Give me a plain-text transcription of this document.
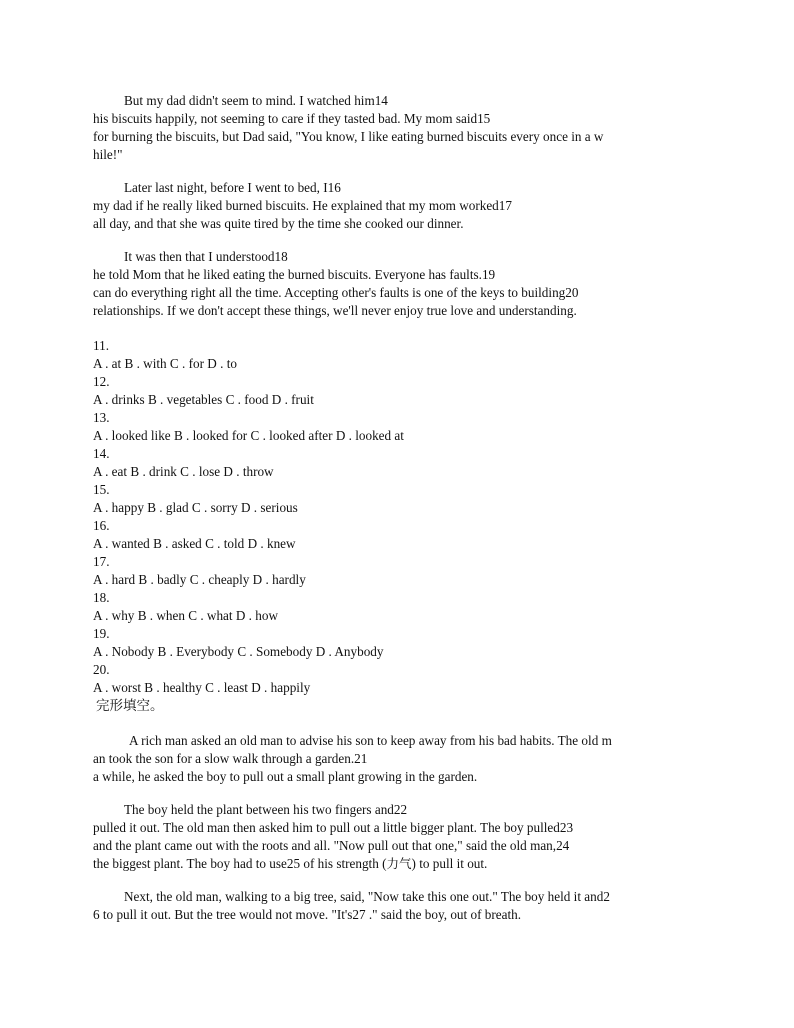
But my dad didn't seem to mind. I watched him14
his biscuits happily, not seeming to care if they tasted bad. My mom said15
for burning the biscuits, but Dad said, "You know, I like eating burned biscuits every once in a w
hile!"
Later last night, before I went to bed, I16
my dad if he really liked burned biscuits. He explained that my mom worked17
all day, and that she was quite tired by the time she cooked our dinner.
It was then that I understood18
he told Mom that he liked eating the burned biscuits. Everyone has faults.19
can do everything right all the time. Accepting other's faults is one of the keys to building20
relationships. If we don't accept these things, we'll never enjoy true love and understanding.
11.
A . at B . with C . for D . to
12.
A . drinks B . vegetables C . food D . fruit
13.
A . looked like B . looked for C . looked after D . looked at
14.
A . eat B . drink C . lose D . throw
15.
A . happy B . glad C . sorry D . serious
16.
A . wanted B . asked C . told D . knew
17.
A . hard B . badly C . cheaply D . hardly
18.
A . why B . when C . what D . how
19.
A . Nobody B . Everybody C . Somebody D . Anybody
20.
A . worst B . healthy C . least D . happily
完形填空。
A rich man asked an old man to advise his son to keep away from his bad habits. The old m
an took the son for a slow walk through a garden.21
a while, he asked the boy to pull out a small plant growing in the garden.
The boy held the plant between his two fingers and22
pulled it out. The old man then asked him to pull out a little bigger plant. The boy pulled23
and the plant came out with the roots and all. "Now pull out that one," said the old man,24
the biggest plant. The boy had to use25 of his strength (力气) to pull it out.
Next, the old man, walking to a big tree, said, "Now take this one out." The boy held it and2
6 to pull it out. But the tree would not move. "It's27 ." said the boy, out of breath.
